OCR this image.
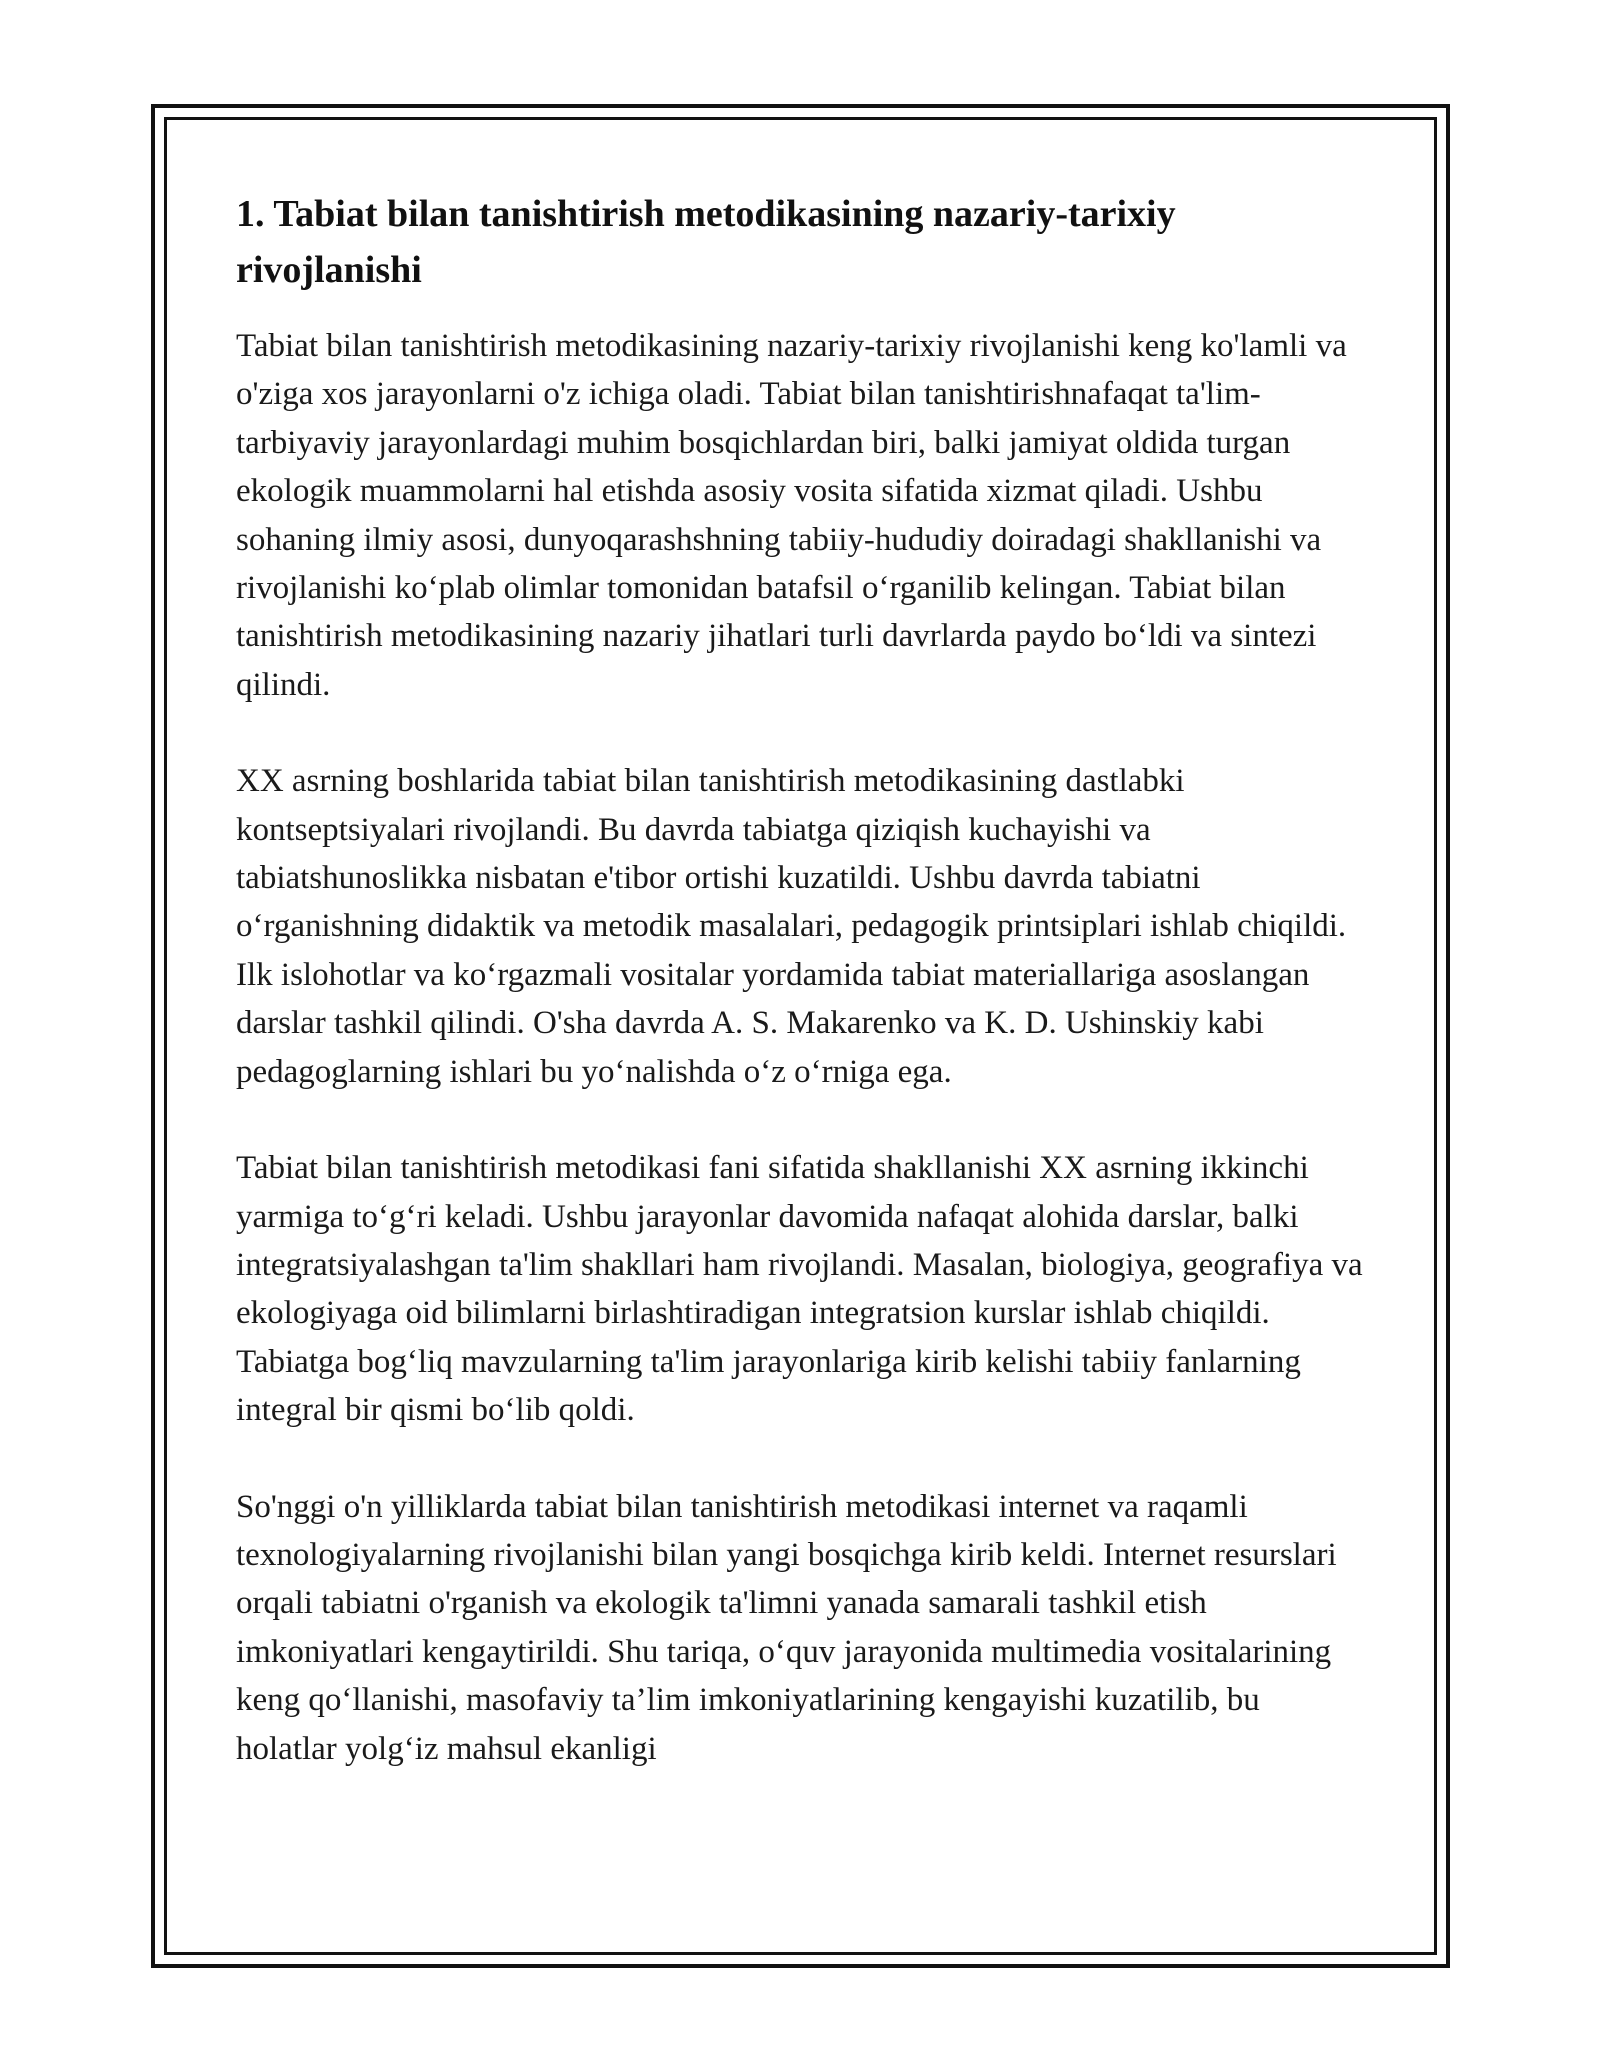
1. Tabiat bilan tanishtirish metodikasining nazariy-tarixiy rivojlanishi

Tabiat bilan tanishtirish metodikasining nazariy-tarixiy rivojlanishi keng ko'lamli va o'ziga xos jarayonlarni o'z ichiga oladi. Tabiat bilan tanishtirishnafaqat ta'lim-tarbiyaviy jarayonlardagi muhim bosqichlardan biri, balki jamiyat oldida turgan ekologik muammolarni hal etishda asosiy vosita sifatida xizmat qiladi. Ushbu sohaning ilmiy asosi, dunyoqarashshning tabiiy-hududiy doiradagi shakllanishi va rivojlanishi ko‘plab olimlar tomonidan batafsil o‘rganilib kelingan. Tabiat bilan tanishtirish metodikasining nazariy jihatlari turli davrlarda paydo bo‘ldi va sintezi qilindi.

XX asrning boshlarida tabiat bilan tanishtirish metodikasining dastlabki kontseptsiyalari rivojlandi. Bu davrda tabiatga qiziqish kuchayishi va tabiatshunoslikka nisbatan e'tibor ortishi kuzatildi. Ushbu davrda tabiatni o‘rganishning didaktik va metodik masalalari, pedagogik printsiplari ishlab chiqildi. Ilk islohotlar va ko‘rgazmali vositalar yordamida tabiat materiallariga asoslangan darslar tashkil qilindi. O'sha davrda A. S. Makarenko va K. D. Ushinskiy kabi pedagoglarning ishlari bu yo‘nalishda o‘z o‘rniga ega.

Tabiat bilan tanishtirish metodikasi fani sifatida shakllanishi XX asrning ikkinchi yarmiga to‘g‘ri keladi. Ushbu jarayonlar davomida nafaqat alohida darslar, balki integratsiyalashgan ta'lim shakllari ham rivojlandi. Masalan, biologiya, geografiya va ekologiyaga oid bilimlarni birlashtiradigan integratsion kurslar ishlab chiqildi. Tabiatga bog‘liq mavzularning ta'lim jarayonlariga kirib kelishi tabiiy fanlarning integral bir qismi bo‘lib qoldi.

So'nggi o'n yilliklarda tabiat bilan tanishtirish metodikasi internet va raqamli texnologiyalarning rivojlanishi bilan yangi bosqichga kirib keldi. Internet resurslari orqali tabiatni o'rganish va ekologik ta'limni yanada samarali tashkil etish imkoniyatlari kengaytirildi. Shu tariqa, o‘quv jarayonida multimedia vositalarining keng qo‘llanishi, masofaviy ta’lim imkoniyatlarining kengayishi kuzatilib, bu holatlar yolg‘iz mahsul ekanligi
